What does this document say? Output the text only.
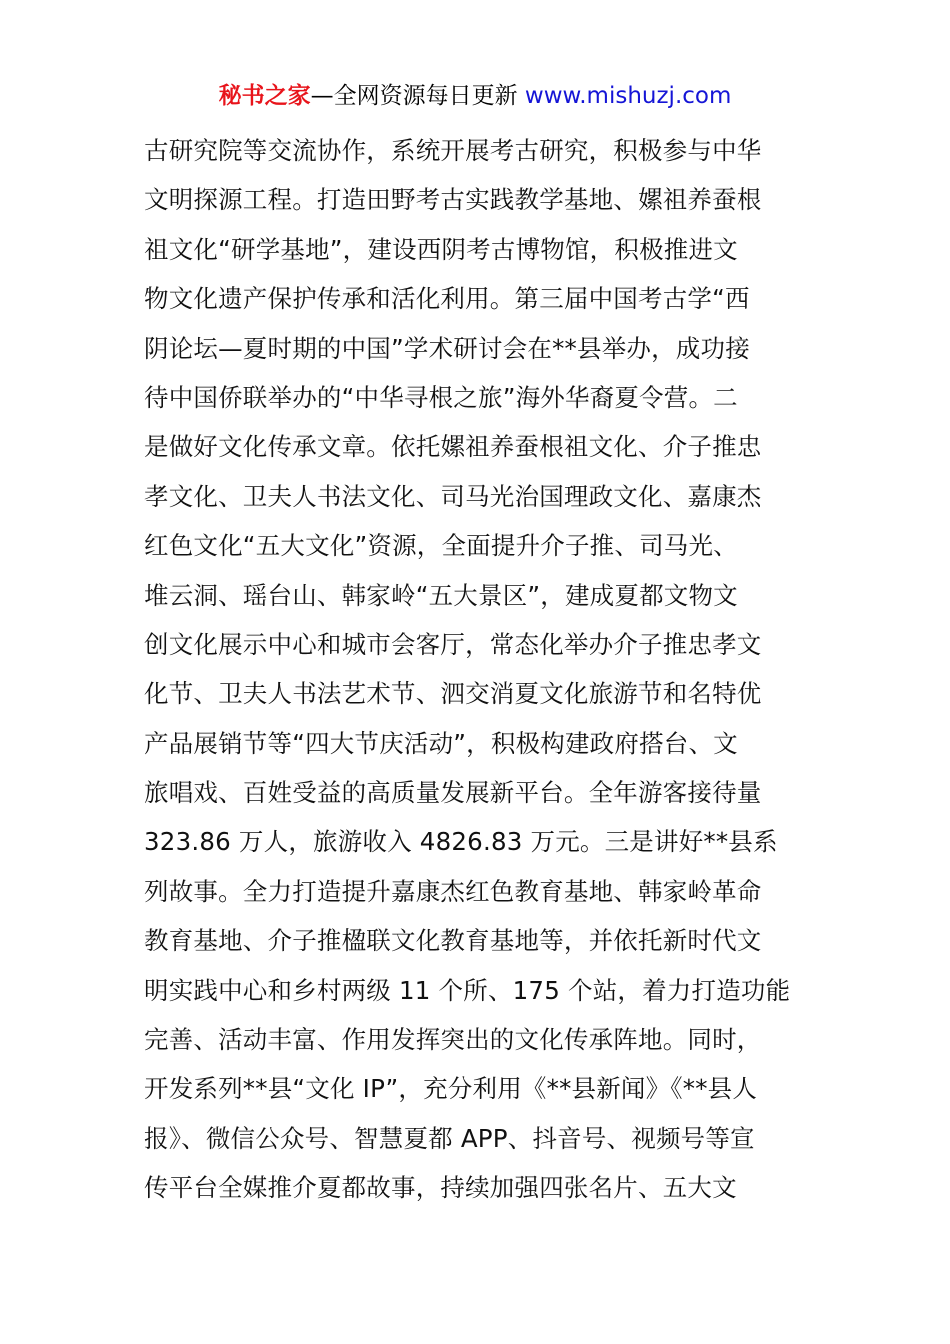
秘书之家—全网资源每日更新 www.mishuzj.com
古研究院等交流协作，系统开展考古研究，积极参与中华
文明探源工程。打造田野考古实践教学基地、嫘祖养蚕根
祖文化“研学基地”，建设西阴考古博物馆，积极推进文
物文化遗产保护传承和活化利用。第三届中国考古学“西
阴论坛—夏时期的中国”学术研讨会在**县举办，成功接
待中国侨联举办的“中华寻根之旅”海外华裔夏令营。二
是做好文化传承文章。依托嫘祖养蚕根祖文化、介子推忠
孝文化、卫夫人书法文化、司马光治国理政文化、嘉康杰
红色文化“五大文化”资源，全面提升介子推、司马光、
堆云洞、瑶台山、韩家岭“五大景区”，建成夏都文物文
创文化展示中心和城市会客厅，常态化举办介子推忠孝文
化节、卫夫人书法艺术节、泗交消夏文化旅游节和名特优
产品展销节等“四大节庆活动”，积极构建政府搭台、文
旅唱戏、百姓受益的高质量发展新平台。全年游客接待量
323.86 万人，旅游收入 4826.83 万元。三是讲好**县系
列故事。全力打造提升嘉康杰红色教育基地、韩家岭革命
教育基地、介子推楹联文化教育基地等，并依托新时代文
明实践中心和乡村两级 11 个所、175 个站，着力打造功能
完善、活动丰富、作用发挥突出的文化传承阵地。同时，
开发系列**县“文化 IP”，充分利用《**县新闻》《**县人
报》、微信公众号、智慧夏都 APP、抖音号、视频号等宣
传平台全媒推介夏都故事，持续加强四张名片、五大文
